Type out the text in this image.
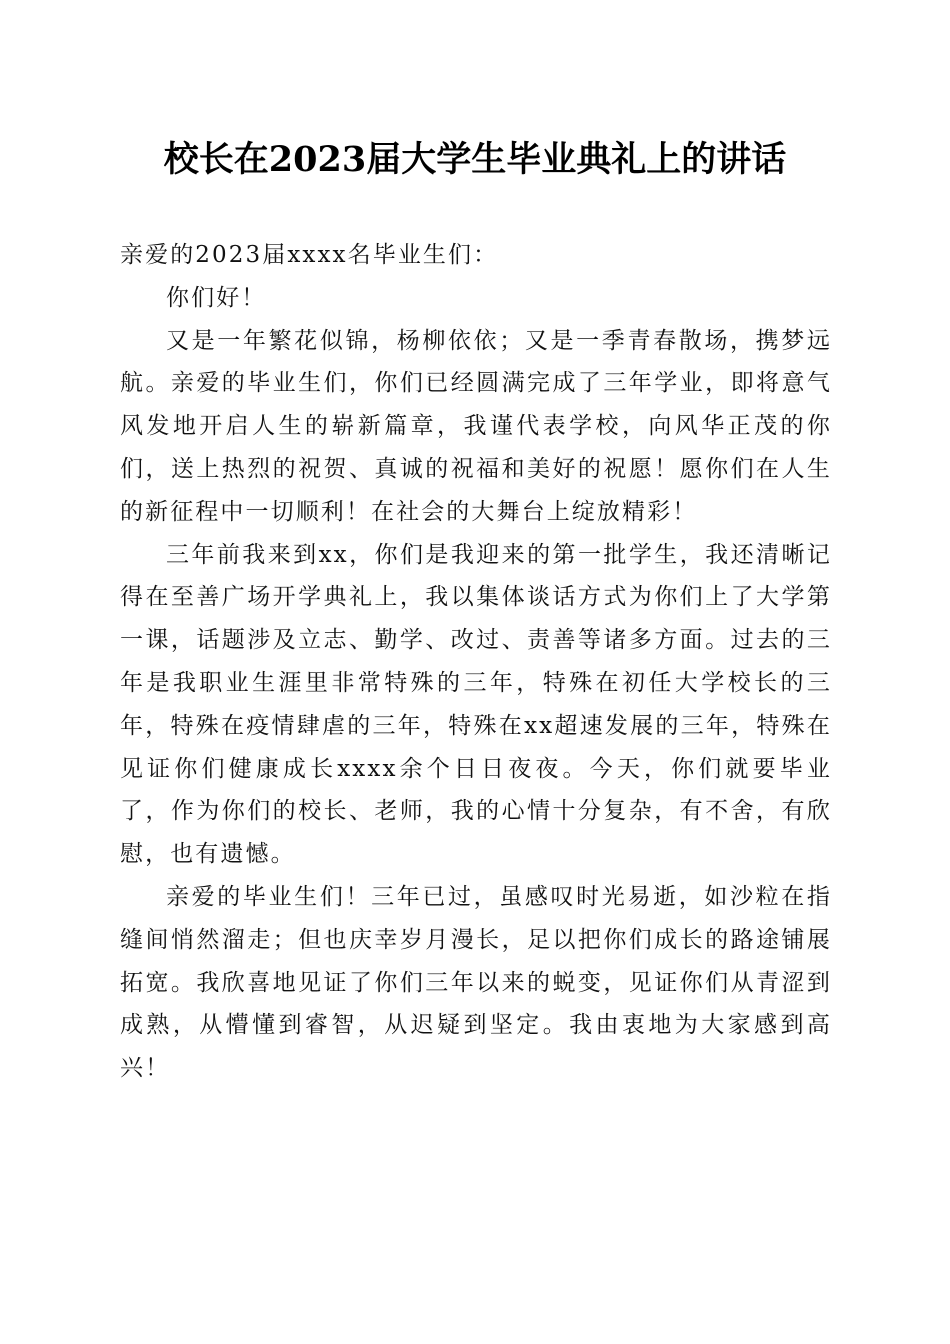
校长在2023届大学生毕业典礼上的讲话

亲爱的2023届xxxx名毕业生们：

你们好！

又是一年繁花似锦，杨柳依依；又是一季青春散场，携梦远航。亲爱的毕业生们，你们已经圆满完成了三年学业，即将意气风发地开启人生的崭新篇章，我谨代表学校，向风华正茂的你们，送上热烈的祝贺、真诚的祝福和美好的祝愿！愿你们在人生的新征程中一切顺利！在社会的大舞台上绽放精彩！

三年前我来到xx，你们是我迎来的第一批学生，我还清晰记得在至善广场开学典礼上，我以集体谈话方式为你们上了大学第一课，话题涉及立志、勤学、改过、责善等诸多方面。过去的三年是我职业生涯里非常特殊的三年，特殊在初任大学校长的三年，特殊在疫情肆虐的三年，特殊在xx超速发展的三年，特殊在见证你们健康成长xxxx余个日日夜夜。今天，你们就要毕业了，作为你们的校长、老师，我的心情十分复杂，有不舍，有欣慰，也有遗憾。

亲爱的毕业生们！三年已过，虽感叹时光易逝，如沙粒在指缝间悄然溜走；但也庆幸岁月漫长，足以把你们成长的路途铺展拓宽。我欣喜地见证了你们三年以来的蜕变，见证你们从青涩到成熟，从懵懂到睿智，从迟疑到坚定。我由衷地为大家感到高兴！
